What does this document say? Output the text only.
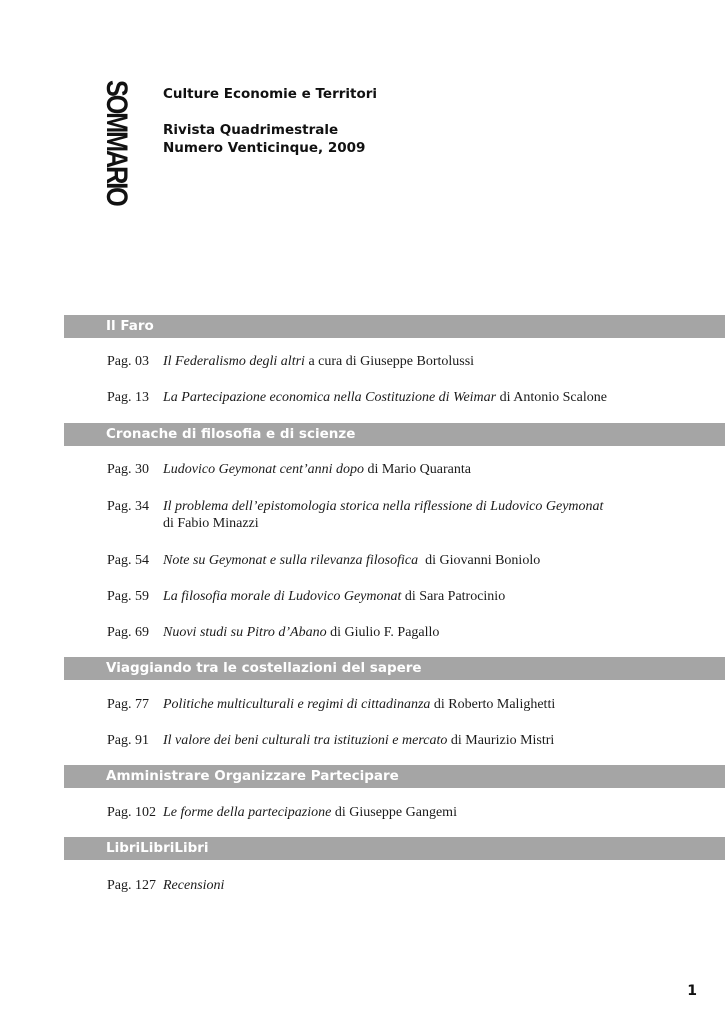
SOMMARIO Culture Economie e Territori
Rivista Quadrimestrale
Numero Venticinque, 2009
Il Faro
Pag. 03 Il Federalismo degli altri a cura di Giuseppe Bortolussi
Pag. 13 La Partecipazione economica nella Costituzione di Weimar di Antonio Scalone
Cronache di filosofia e di scienze
Pag. 30 Ludovico Geymonat cent’anni dopo di Mario Quaranta
Pag. 34 Il problema dell’epistomologia storica nella riflessione di Ludovico Geymonat
di Fabio Minazzi
Pag. 54 Note su Geymonat e sulla rilevanza filosofica  di Giovanni Boniolo
Pag. 59 La filosofia morale di Ludovico Geymonat di Sara Patrocinio
Pag. 69 Nuovi studi su Pitro d’Abano di Giulio F. Pagallo
Viaggiando tra le costellazioni del sapere
Pag. 77 Politiche multiculturali e regimi di cittadinanza di Roberto Malighetti
Pag. 91 Il valore dei beni culturali tra istituzioni e mercato di Maurizio Mistri
Amministrare Organizzare Partecipare
Pag. 102 Le forme della partecipazione di Giuseppe Gangemi
LibriLibriLibri
Pag. 127 Recensioni
1
